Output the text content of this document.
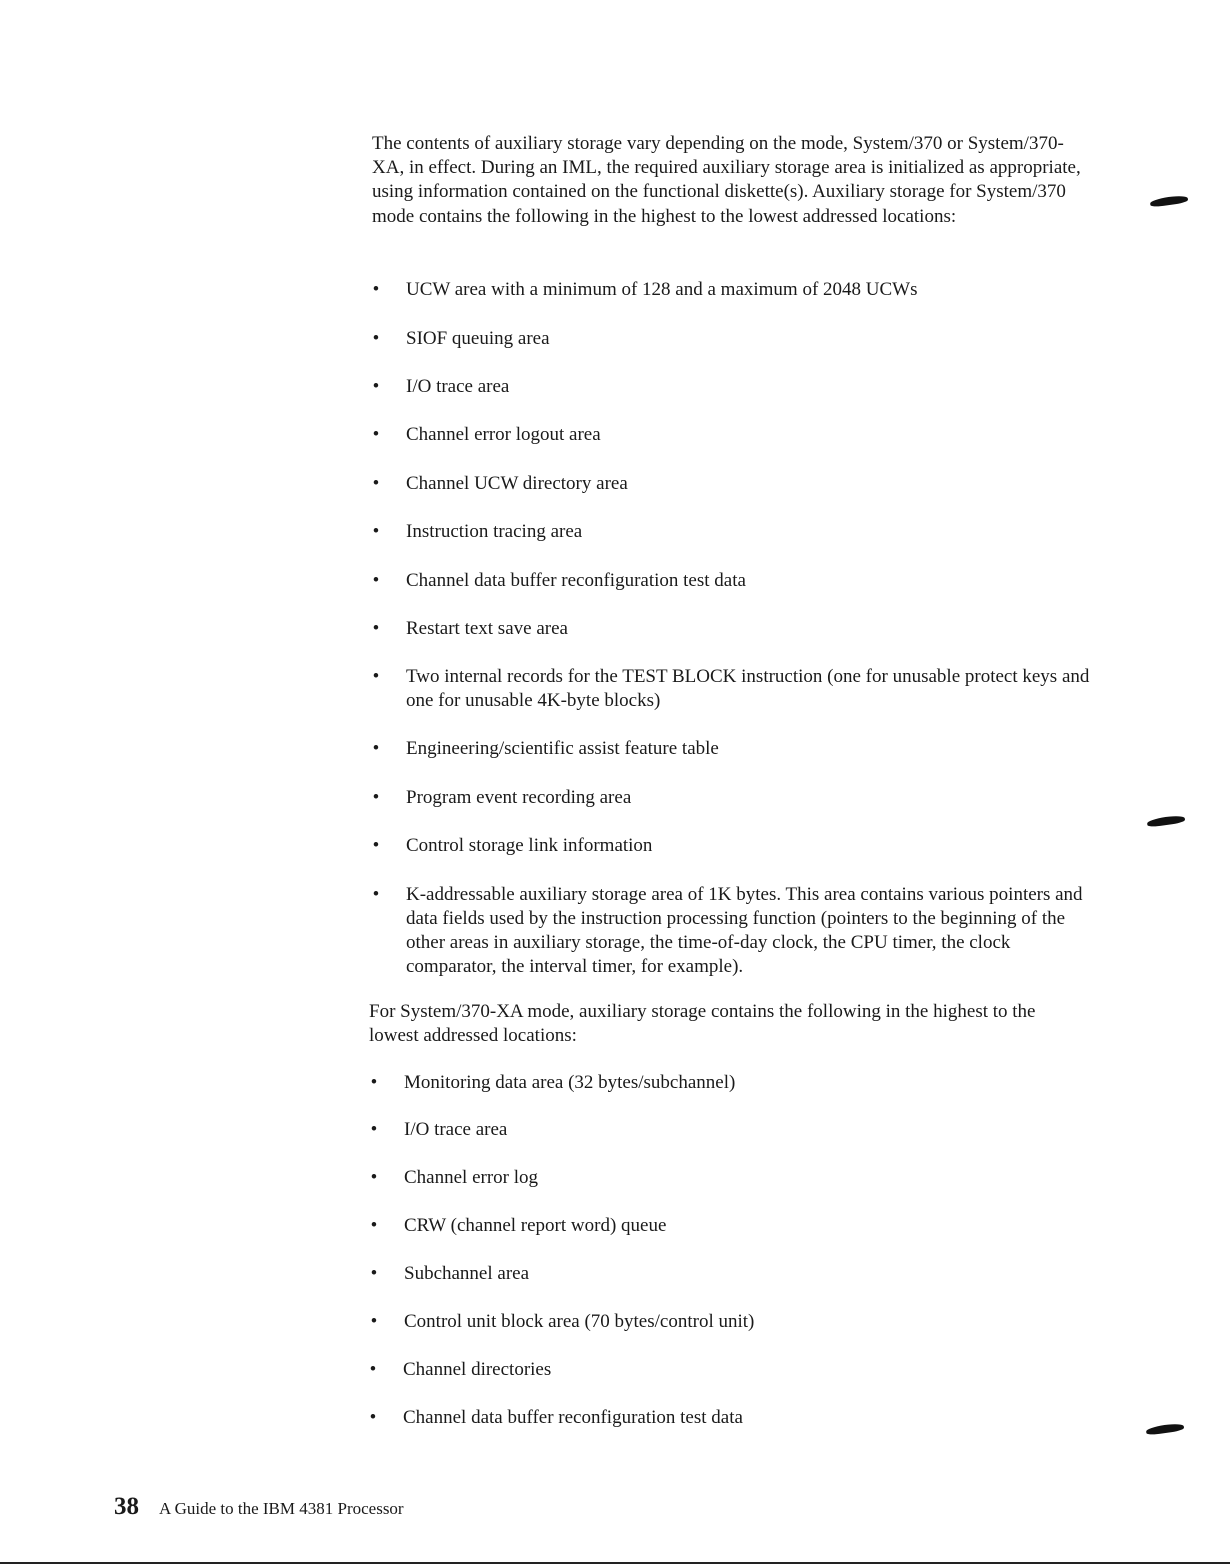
The contents of auxiliary storage vary depending on the mode, System/370 or System/370-XA, in effect. During an IML, the required auxiliary storage area is initialized as appropriate, using information contained on the functional diskette(s). Auxiliary storage for System/370 mode contains the following in the highest to the lowest addressed locations:

• UCW area with a minimum of 128 and a maximum of 2048 UCWs
• SIOF queuing area
• I/O trace area
• Channel error logout area
• Channel UCW directory area
• Instruction tracing area
• Channel data buffer reconfiguration test data
• Restart text save area
• Two internal records for the TEST BLOCK instruction (one for unusable protect keys and one for unusable 4K-byte blocks)
• Engineering/scientific assist feature table
• Program event recording area
• Control storage link information
• K-addressable auxiliary storage area of 1K bytes. This area contains various pointers and data fields used by the instruction processing function (pointers to the beginning of the other areas in auxiliary storage, the time-of-day clock, the CPU timer, the clock comparator, the interval timer, for example).

For System/370-XA mode, auxiliary storage contains the following in the highest to the lowest addressed locations:

• Monitoring data area (32 bytes/subchannel)
• I/O trace area
• Channel error log
• CRW (channel report word) queue
• Subchannel area
• Control unit block area (70 bytes/control unit)
• Channel directories
• Channel data buffer reconfiguration test data
38 A Guide to the IBM 4381 Processor
